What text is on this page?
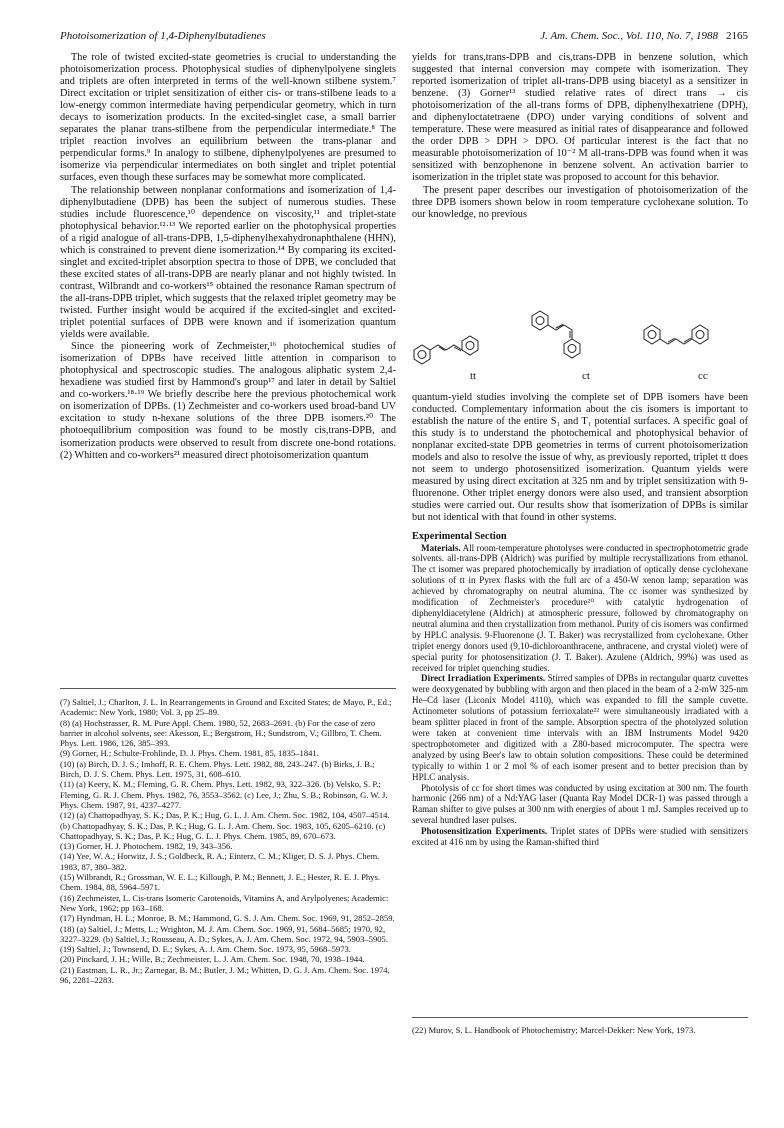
Photoisomerization of 1,4-Diphenylbutadienes	J. Am. Chem. Soc., Vol. 110, No. 7, 1988 2165

The role of twisted excited-state geometries is crucial to understanding the photoisomerization process. Photophysical studies of diphenylpolyene singlets and triplets are often interpreted in terms of the well-known stilbene system.⁷ Direct excitation or triplet sensitization of either cis- or trans-stilbene leads to a low-energy common intermediate having perpendicular geometry, which in turn decays to isomerization products. In the excited-singlet case, a small barrier separates the planar trans-stilbene from the perpendicular intermediate.⁸ The triplet reaction involves an equilibrium between the trans-planar and perpendicular forms.⁹ In analogy to stilbene, diphenylpolyenes are presumed to isomerize via perpendicular intermediates on both singlet and triplet potential surfaces, even though these surfaces may be somewhat more complicated.

The relationship between nonplanar conformations and isomerization of 1,4-diphenylbutadiene (DPB) has been the subject of numerous studies. These studies include fluorescence,¹⁰ dependence on viscosity,¹¹ and triplet-state photophysical behavior.¹²·¹³ We reported earlier on the photophysical properties of a rigid analogue of all-trans-DPB, 1,5-diphenylhexahydronaphthalene (HHN), which is constrained to prevent diene isomerization.¹⁴ By comparing its excited-singlet and excited-triplet absorption spectra to those of DPB, we concluded that these excited states of all-trans-DPB are nearly planar and not highly twisted. In contrast, Wilbrandt and co-workers¹⁵ obtained the resonance Raman spectrum of the all-trans-DPB triplet, which suggests that the relaxed triplet geometry may be twisted. Further insight would be acquired if the excited-singlet and excited-triplet potential surfaces of DPB were known and if isomerization quantum yields were available.

Since the pioneering work of Zechmeister,¹⁶ photochemical studies of isomerization of DPBs have received little attention in comparison to photophysical and spectroscopic studies. The analogous aliphatic system 2,4-hexadiene was studied first by Hammond's group¹⁷ and later in detail by Saltiel and co-workers.¹⁸·¹⁹ We briefly describe here the previous photochemical work on isomerization of DPBs. (1) Zechmeister and co-workers used broad-band UV excitation to study n-hexane solutions of the three DPB isomers.²⁰ The photoequilibrium composition was found to be mostly cis,trans-DPB, and isomerization products were observed to result from discrete one-bond rotations. (2) Whitten and co-workers²¹ measured direct photoisomerization quantum

(7) Saltiel, J.; Charlton, J. L. In Rearrangements in Ground and Excited States; de Mayo, P., Ed.; Academic: New York, 1980; Vol. 3, pp 25–89.

(8) (a) Hochstrasser, R. M. Pure Appl. Chem. 1980, 52, 2683–2691. (b) For the case of zero barrier in alcohol solvents, see: Akesson, E.; Bergstrom, H.; Sundstrom, V.; Gillbro, T. Chem. Phys. Lett. 1986, 126, 385–393.

(9) Gorner, H.; Schulte-Frohlinde, D. J. Phys. Chem. 1981, 85, 1835–1841.

(10) (a) Birch, D. J. S.; Imhoff, R. E. Chem. Phys. Lett. 1982, 88, 243–247. (b) Birks, J. B.; Birch, D. J. S. Chem. Phys. Lett. 1975, 31, 608–610.

(11) (a) Keery, K. M.; Fleming, G. R. Chem. Phys. Lett. 1982, 93, 322–326. (b) Velsko, S. P.; Fleming, G. R. J. Chem. Phys. 1982, 76, 3553–3562. (c) Lee, J.; Zhu, S. B.; Robinson, G. W. J. Phys. Chem. 1987, 91, 4237–4277.

(12) (a) Chattopadhyay, S. K.; Das, P. K.; Hug, G. L. J. Am. Chem. Soc. 1982, 104, 4507–4514. (b) Chattopadhyay, S. K.; Das, P. K.; Hug, G. L. J. Am. Chem. Soc. 1983, 105, 6205–6210. (c) Chattopadhyay, S. K.; Das, P. K.; Hug, G. L. J. Phys. Chem. 1985, 89, 670–673.

(13) Gorner, H. J. Photochem. 1982, 19, 343–356.

(14) Yee, W. A.; Horwitz, J. S.; Goldbeck, R. A.; Einterz, C. M.; Kliger, D. S. J. Phys. Chem. 1983, 87, 380–382.

(15) Wilbrandt, R.; Grossman, W. E. L.; Killough, P. M.; Bennett, J. E.; Hester, R. E. J. Phys. Chem. 1984, 88, 5964–5971.

(16) Zechmeister, L. Cis-trans Isomeric Carotenoids, Vitamins A, and Arylpolyenes; Academic: New York, 1962; pp 163–168.

(17) Hyndman, H. L.; Monroe, B. M.; Hammond, G. S. J. Am. Chem. Soc. 1969, 91, 2852–2859.

(18) (a) Saltiel, J.; Metts, L.; Wrighton, M. J. Am. Chem. Soc. 1969, 91, 5684–5685; 1970, 92, 3227–3229. (b) Saltiel, J.; Rousseau, A. D.; Sykes, A. J. Am. Chem. Soc. 1972, 94, 5903–5905.

(19) Saltiel, J.; Townsend, D. E.; Sykes, A. J. Am. Chem. Soc. 1973, 95, 5968–5973.

(20) Pinckard, J. H.; Wille, B.; Zechmeister, L. J. Am. Chem. Soc. 1948, 70, 1938–1944.

(21) Eastman, L. R., Jr.; Zarnegar, B. M.; Butler, J. M.; Whitten, D. G. J. Am. Chem. Soc. 1974, 96, 2281–2283.

yields for trans,trans-DPB and cis,trans-DPB in benzene solution, which suggested that internal conversion may compete with isomerization. They reported isomerization of triplet all-trans-DPB using biacetyl as a sensitizer in benzene. (3) Gorner¹³ studied relative rates of direct trans → cis photoisomerization of the all-trans forms of DPB, diphenylhexatriene (DPH), and diphenyloctatetraene (DPO) under varying conditions of solvent and temperature. These were measured as initial rates of disappearance and followed the order DPB > DPH > DPO. Of particular interest is the fact that no measurable photoisomerization of 10⁻² M all-trans-DPB was found when it was sensitized with benzophenone in benzene solvent. An activation barrier to isomerization in the triplet state was proposed to account for this behavior.

The present paper describes our investigation of photoisomerization of the three DPB isomers shown below in room temperature cyclohexane solution. To our knowledge, no previous

tt	ct	cc

quantum-yield studies involving the complete set of DPB isomers have been conducted. Complementary information about the cis isomers is important to establish the nature of the entire S₁ and T₁ potential surfaces. A specific goal of this study is to understand the photochemical and photophysical behavior of nonplanar excited-state DPB geometries in terms of current photoisomerization models and also to resolve the issue of why, as previously reported, triplet tt does not seem to undergo photosensitized isomerization. Quantum yields were measured by using direct excitation at 325 nm and by triplet sensitization with 9-fluorenone. Other triplet energy donors were also used, and transient absorption studies were carried out. Our results show that isomerization of DPBs is similar but not identical with that found in other systems.

Experimental Section

Materials. All room-temperature photolyses were conducted in spectrophotometric grade solvents. all-trans-DPB (Aldrich) was purified by multiple recrystallizations from ethanol. The ct isomer was prepared photochemically by irradiation of optically dense cyclohexane solutions of tt in Pyrex flasks with the full arc of a 450-W xenon lamp; separation was achieved by chromatography on neutral alumina. The cc isomer was synthesized by modification of Zechmeister's procedure²⁰ with catalytic hydrogenation of diphenyldiacetylene (Aldrich) at atmospheric pressure, followed by chromatography on neutral alumina and then crystallization from methanol. Purity of cis isomers was confirmed by HPLC analysis. 9-Fluorenone (J. T. Baker) was recrystallized from cyclohexane. Other triplet energy donors used (9,10-dichloroanthracene, anthracene, and crystal violet) were of special purity for photosensitization (J. T. Baker). Azulene (Aldrich, 99%) was used as received for triplet quenching studies.

Direct Irradiation Experiments. Stirred samples of DPBs in rectangular quartz cuvettes were deoxygenated by bubbling with argon and then placed in the beam of a 2-mW 325-nm He–Cd laser (Liconix Model 4110), which was expanded to fill the sample cuvette. Actinometer solutions of potassium ferrioxalate²² were simultaneously irradiated with a beam splitter placed in front of the sample. Absorption spectra of the photolyzed solution were taken at convenient time intervals with an IBM Instruments Model 9420 spectrophotometer and digitized with a Z80-based microcomputer. The spectra were analyzed by using Beer's law to obtain solution compositions. These could be determined typically to within 1 or 2 mol % of each isomer present and to better precision than by HPLC analysis.

Photolysis of cc for short times was conducted by using excitation at 300 nm. The fourth harmonic (266 nm) of a Nd:YAG laser (Quanta Ray Model DCR-1) was passed through a Raman shifter to give pulses at 300 nm with energies of about 1 mJ. Samples received up to several hundred laser pulses.

Photosensitization Experiments. Triplet states of DPBs were studied with sensitizers excited at 416 nm by using the Raman-shifted third

(22) Murov, S. L. Handbook of Photochemistry; Marcel-Dekker: New York, 1973.
